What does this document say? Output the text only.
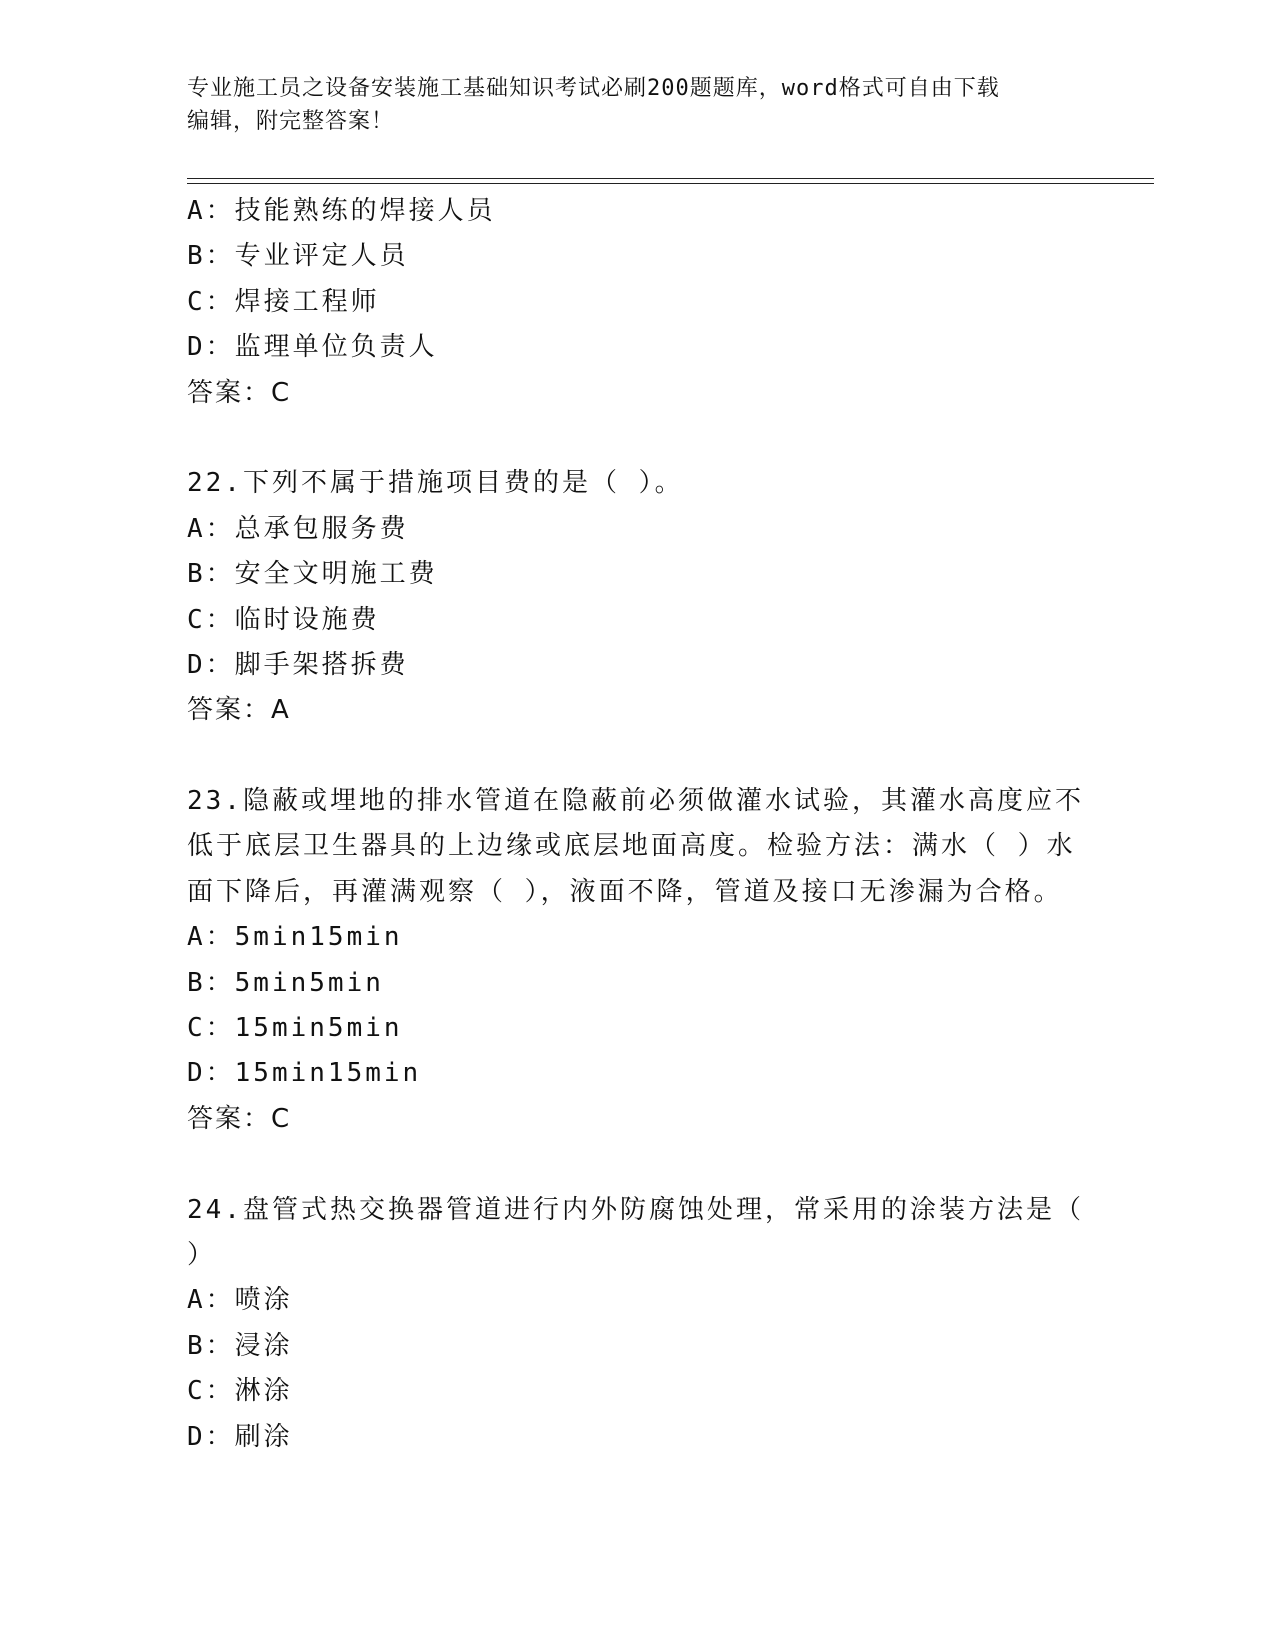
专业施工员之设备安装施工基础知识考试必刷200题题库，word格式可自由下载
编辑，附完整答案！
A：技能熟练的焊接人员
B：专业评定人员
C：焊接工程师
D：监理单位负责人
答案：C
22.下列不属于措施项目费的是（ ）。
A：总承包服务费
B：安全文明施工费
C：临时设施费
D：脚手架搭拆费
答案：A
23.隐蔽或埋地的排水管道在隐蔽前必须做灌水试验，其灌水高度应不
低于底层卫生器具的上边缘或底层地面高度。检验方法：满水（ ）水
面下降后，再灌满观察（ ），液面不降，管道及接口无渗漏为合格。
A：5min15min
B：5min5min
C：15min5min
D：15min15min
答案：C
24.盘管式热交换器管道进行内外防腐蚀处理，常采用的涂装方法是（
）
A：喷涂
B：浸涂
C：淋涂
D：刷涂
